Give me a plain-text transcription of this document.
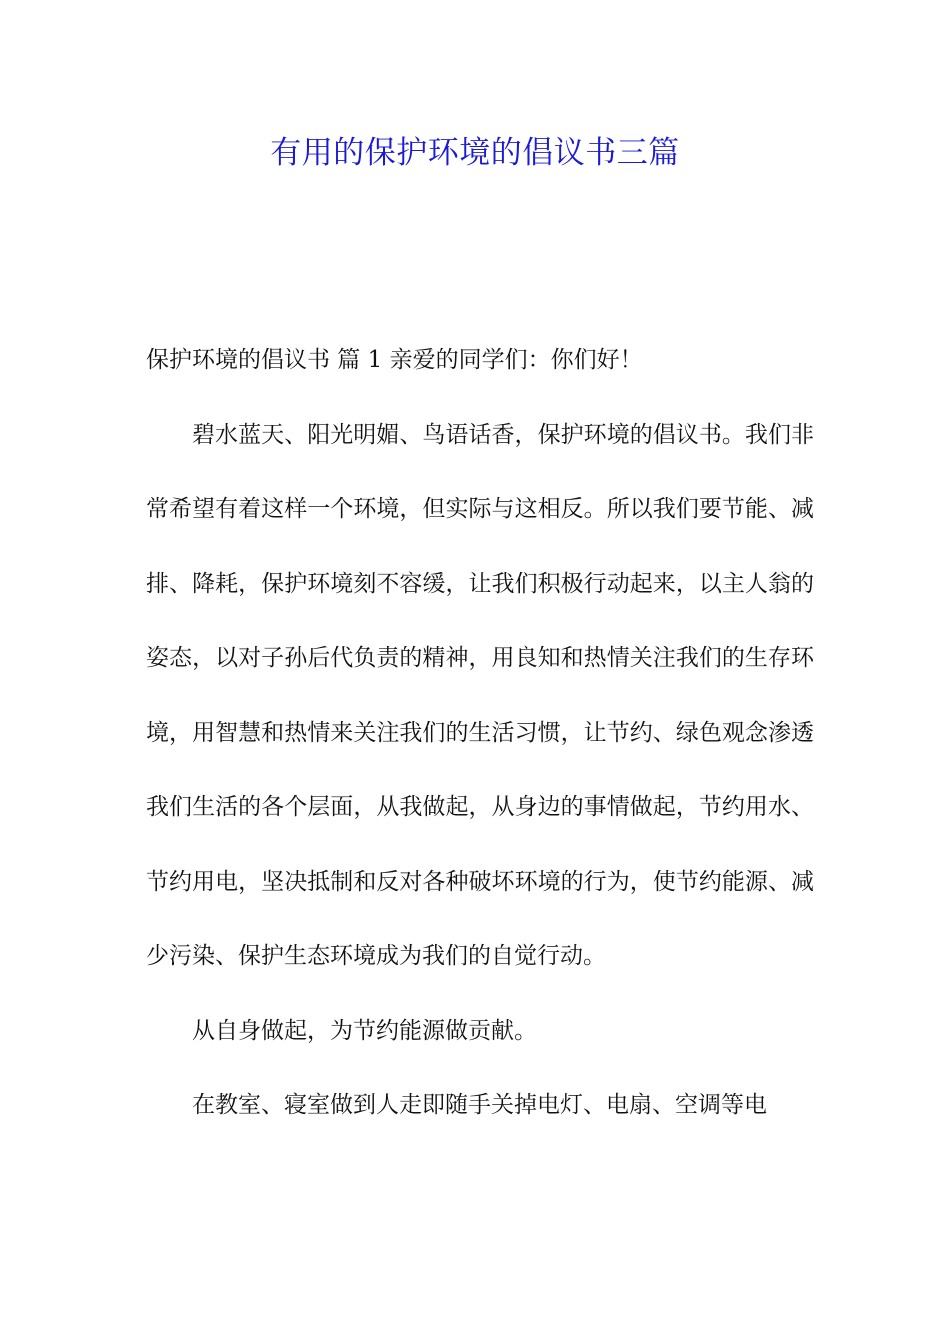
有用的保护环境的倡议书三篇

保护环境的倡议书 篇 1 亲爱的同学们：你们好！

碧水蓝天、阳光明媚、鸟语话香，保护环境的倡议书。我们非常希望有着这样一个环境，但实际与这相反。所以我们要节能、减排、降耗，保护环境刻不容缓，让我们积极行动起来，以主人翁的姿态，以对子孙后代负责的精神，用良知和热情关注我们的生存环境，用智慧和热情来关注我们的生活习惯，让节约、绿色观念渗透我们生活的各个层面，从我做起，从身边的事情做起，节约用水、节约用电，坚决抵制和反对各种破坏环境的行为，使节约能源、减少污染、保护生态环境成为我们的自觉行动。

从自身做起，为节约能源做贡献。

在教室、寝室做到人走即随手关掉电灯、电扇、空调等电
